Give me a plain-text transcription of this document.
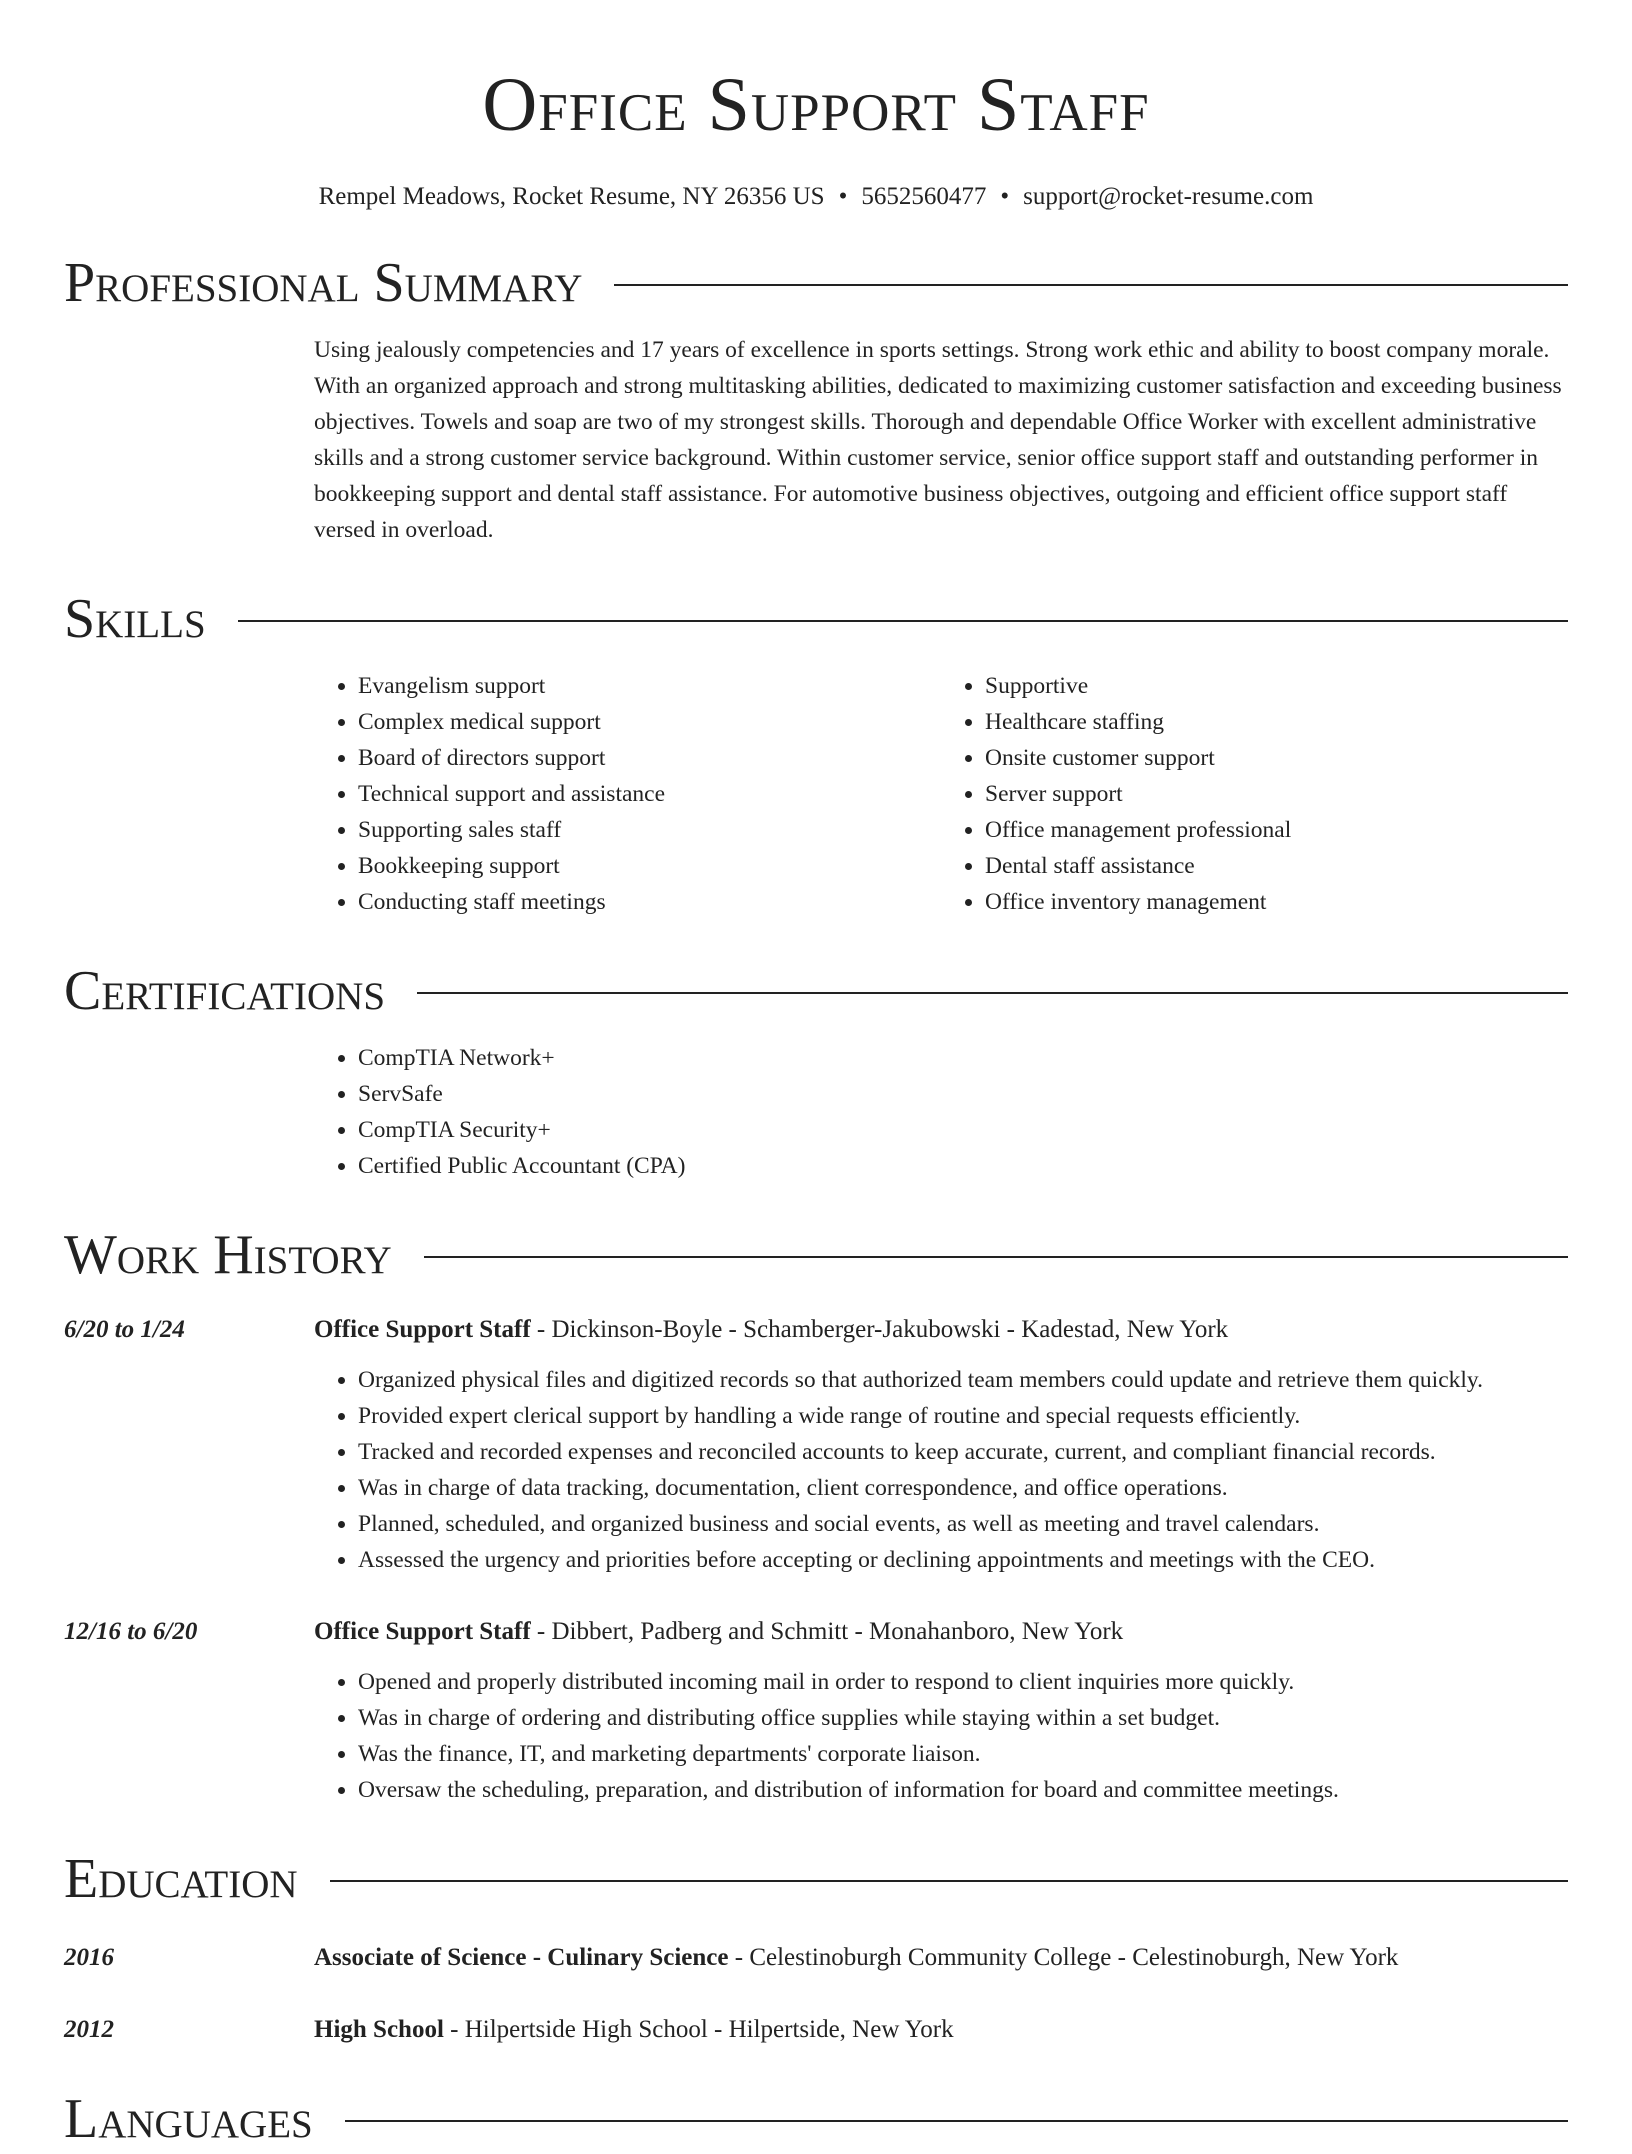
Office Support Staff
Rempel Meadows, Rocket Resume, NY 26356 US • 5652560477 • support@rocket-resume.com
Professional Summary
Using jealously competencies and 17 years of excellence in sports settings. Strong work ethic and ability to boost company morale. With an organized approach and strong multitasking abilities, dedicated to maximizing customer satisfaction and exceeding business objectives. Towels and soap are two of my strongest skills. Thorough and dependable Office Worker with excellent administrative skills and a strong customer service background. Within customer service, senior office support staff and outstanding performer in bookkeeping support and dental staff assistance. For automotive business objectives, outgoing and efficient office support staff versed in overload.
Skills
• Evangelism support
• Complex medical support
• Board of directors support
• Technical support and assistance
• Supporting sales staff
• Bookkeeping support
• Conducting staff meetings
• Supportive
• Healthcare staffing
• Onsite customer support
• Server support
• Office management professional
• Dental staff assistance
• Office inventory management
Certifications
• CompTIA Network+
• ServSafe
• CompTIA Security+
• Certified Public Accountant (CPA)
Work History
6/20 to 1/24	Office Support Staff - Dickinson-Boyle - Schamberger-Jakubowski - Kadestad, New York
• Organized physical files and digitized records so that authorized team members could update and retrieve them quickly.
• Provided expert clerical support by handling a wide range of routine and special requests efficiently.
• Tracked and recorded expenses and reconciled accounts to keep accurate, current, and compliant financial records.
• Was in charge of data tracking, documentation, client correspondence, and office operations.
• Planned, scheduled, and organized business and social events, as well as meeting and travel calendars.
• Assessed the urgency and priorities before accepting or declining appointments and meetings with the CEO.
12/16 to 6/20	Office Support Staff - Dibbert, Padberg and Schmitt - Monahanboro, New York
• Opened and properly distributed incoming mail in order to respond to client inquiries more quickly.
• Was in charge of ordering and distributing office supplies while staying within a set budget.
• Was the finance, IT, and marketing departments' corporate liaison.
• Oversaw the scheduling, preparation, and distribution of information for board and committee meetings.
Education
2016	Associate of Science - Culinary Science - Celestinoburgh Community College - Celestinoburgh, New York
2012	High School - Hilpertside High School - Hilpertside, New York
Languages
